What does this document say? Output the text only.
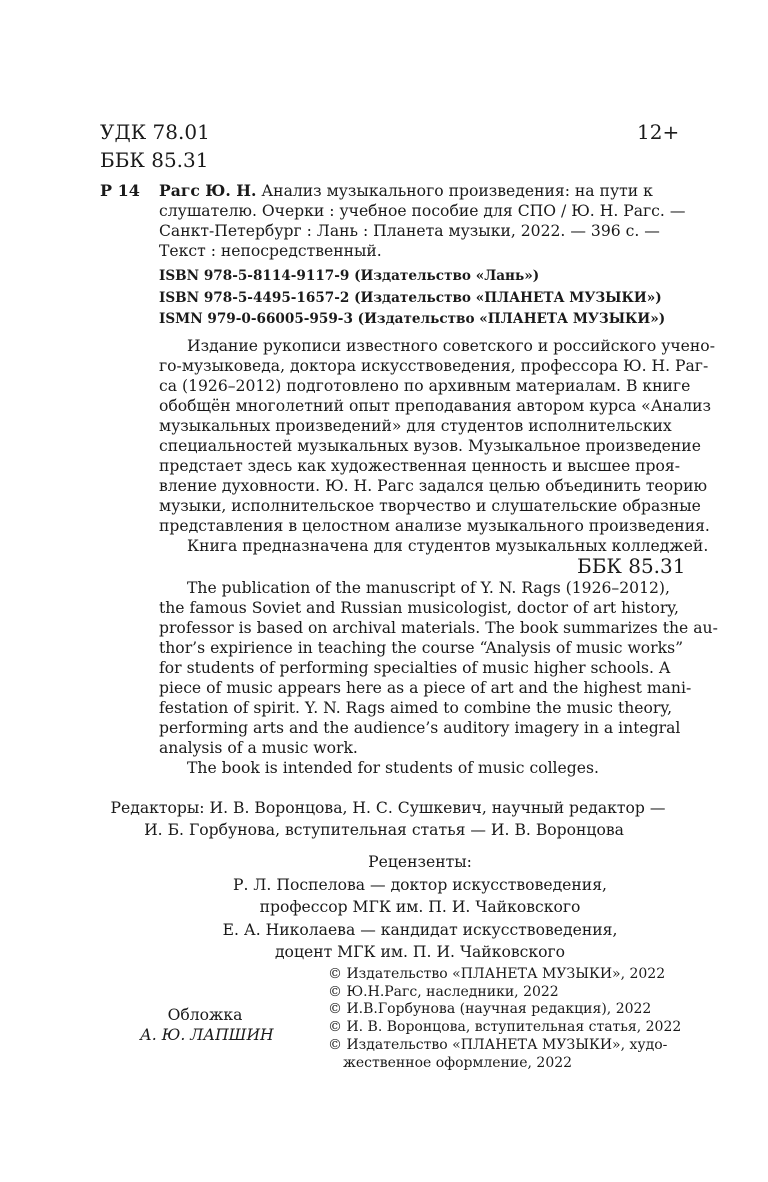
УДК 78.01	12+
ББК 85.31
Р 14 Рагс Ю. Н. Анализ музыкального произведения: на пути к
слушателю. Очерки : учебное пособие для СПО / Ю. Н. Рагс. —
Санкт-Петербург : Лань : Планета музыки, 2022. — 396 с. —
Текст : непосредственный.
ISBN 978-5-8114-9117-9 (Издательство «Лань»)
ISBN 978-5-4495-1657-2 (Издательство «ПЛАНЕТА МУЗЫКИ»)
ISMN 979-0-66005-959-3 (Издательство «ПЛАНЕТА МУЗЫКИ»)
Издание рукописи известного советского и российского учено-
го-музыковеда, доктора искусствоведения, профессора Ю. Н. Раг-
са (1926–2012) подготовлено по архивным материалам. В книге
обобщён многолетний опыт преподавания автором курса «Анализ
музыкальных произведений» для студентов исполнительских
специальностей музыкальных вузов. Музыкальное произведение
предстает здесь как художественная ценность и высшее проя-
вление духовности. Ю. Н. Рагс задался целью объединить теорию
музыки, исполнительское творчество и слушательские образные
представления в целостном анализе музыкального произведения.
Книга предназначена для студентов музыкальных колледжей.
ББК 85.31
The publication of the manuscript of Y. N. Rags (1926–2012),
the famous Soviet and Russian musicologist, doctor of art history,
professor is based on archival materials. The book summarizes the au-
thor’s expirience in teaching the course “Analysis of music works”
for students of performing specialties of music higher schools. A
piece of music appears here as a piece of art and the highest mani-
festation of spirit. Y. N. Rags aimed to combine the music theory,
performing arts and the audience’s auditory imagery in a integral
analysis of a music work.
The book is intended for students of music colleges.
Редакторы: И. В. Воронцова, Н. С. Сушкевич, научный редактор —
И. Б. Горбунова, вступительная статья — И. В. Воронцова
Рецензенты:
Р. Л. Поспелова — доктор искусствоведения,
профессор МГК им. П. И. Чайковского
Е. А. Николаева — кандидат искусствоведения,
доцент МГК им. П. И. Чайковского
Обложка
А. Ю. ЛАПШИН
© Издательство «ПЛАНЕТА МУЗЫКИ», 2022
© Ю.Н.Рагс, наследники, 2022
© И.В.Горбунова (научная редакция), 2022
© И. В. Воронцова, вступительная статья, 2022
© Издательство «ПЛАНЕТА МУЗЫКИ», худо-
жественное оформление, 2022
